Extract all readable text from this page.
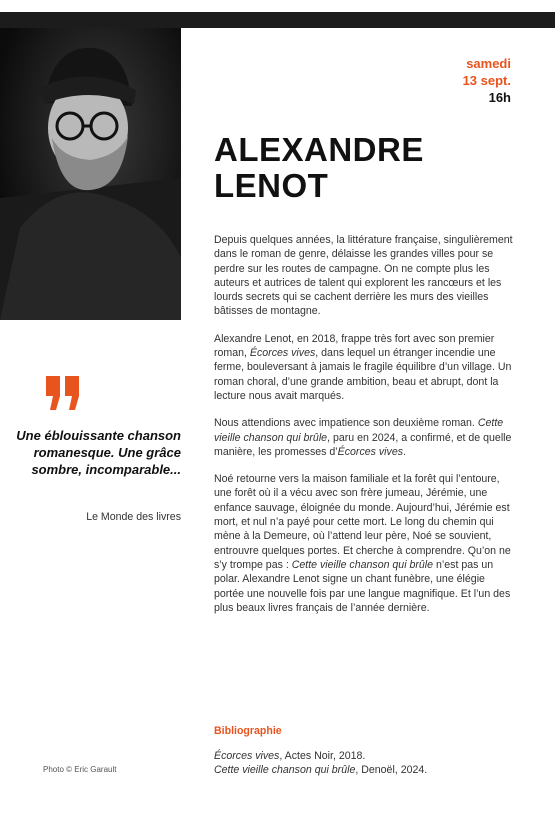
samedi
13 sept.
16h
ALEXANDRE
LENOT

Depuis quelques années, la littérature française, singulièrement dans le roman de genre, délaisse les grandes villes pour se perdre sur les routes de campagne. On ne compte plus les auteurs et autrices de talent qui explorent les rancœurs et les lourds secrets qui se cachent derrière les murs des vieilles bâtisses de montagne.

Alexandre Lenot, en 2018, frappe très fort avec son premier roman, Écorces vives, dans lequel un étranger incendie une ferme, bouleversant à jamais le fragile équilibre d’un village. Un roman choral, d’une grande ambition, beau et abrupt, dont la lecture nous avait marqués.

Nous attendions avec impatience son deuxième roman. Cette vieille chanson qui brûle, paru en 2024, a confirmé, et de quelle manière, les promesses d’Écorces vives.

Noé retourne vers la maison familiale et la forêt qui l’entoure, une forêt où il a vécu avec son frère jumeau, Jérémie, une enfance sauvage, éloignée du monde. Aujourd’hui, Jérémie est mort, et nul n’a payé pour cette mort. Le long du chemin qui mène à la Demeure, où l’attend leur père, Noé se souvient, entrouvre quelques portes. Et cherche à comprendre. Qu’on ne s’y trompe pas : Cette vieille chanson qui brûle n’est pas un polar. Alexandre Lenot signe un chant funèbre, une élégie portée une nouvelle fois par une langue magnifique. Et l’un des plus beaux livres français de l’année dernière.

Une éblouissante chanson romanesque. Une grâce sombre, incomparable...
Le Monde des livres
Bibliographie
Écorces vives, Actes Noir, 2018.
Cette vieille chanson qui brûle, Denoël, 2024.
Photo © Eric Garault
